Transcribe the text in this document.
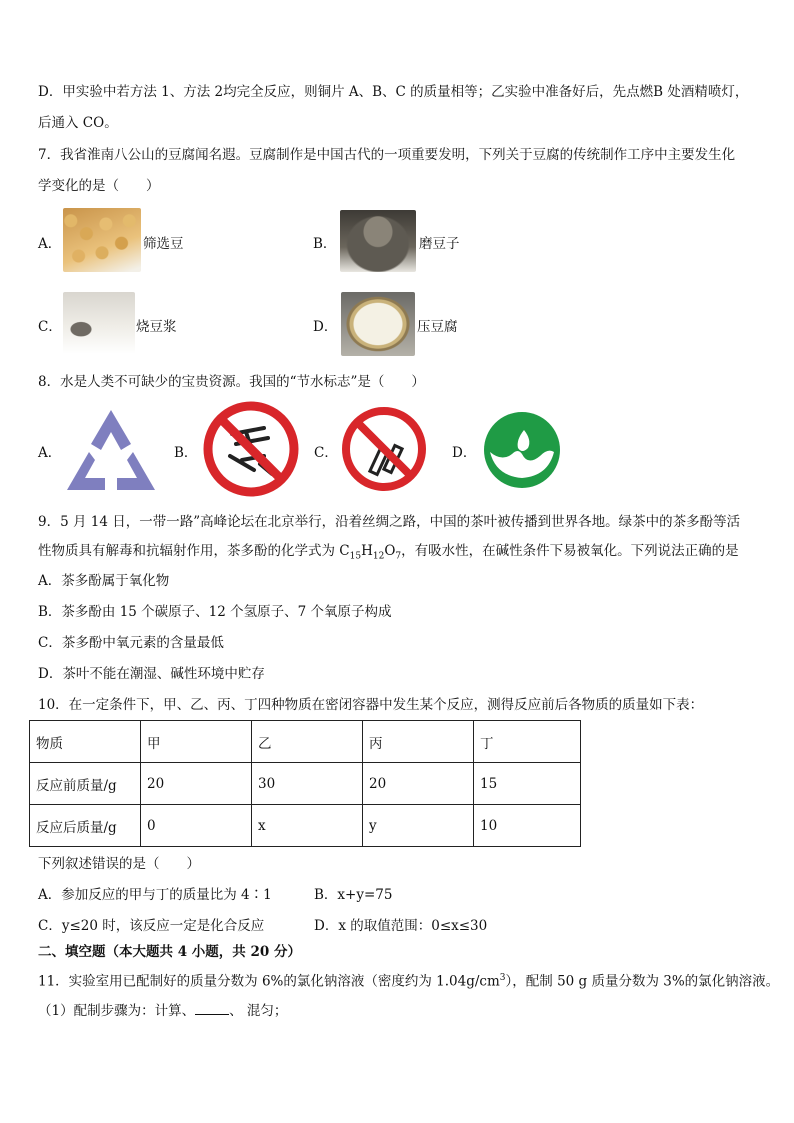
D．甲实验中若方法 1、方法 2均完全反应，则铜片 A、B、C 的质量相等；乙实验中准备好后，先点燃B 处酒精喷灯，
后通入 CO。
7．我省淮南八公山的豆腐闻名遐。豆腐制作是中国古代的一项重要发明，下列关于豆腐的传统制作工序中主要发生化
学变化的是（　　）
A．	筛选豆	B．	磨豆子
C．	烧豆浆	D．	压豆腐
8．水是人类不可缺少的宝贵资源。我国的“节水标志”是（　　）
A．	B．	C．	D．
9．5 月 14 日，一带一路”高峰论坛在北京举行，沿着丝绸之路，中国的茶叶被传播到世界各地。绿茶中的茶多酚等活
性物质具有解毒和抗辐射作用，茶多酚的化学式为 $C_{15}H_{12}O_7$，有吸水性，在碱性条件下易被氧化。下列说法正确的是
A．茶多酚属于氧化物
B．茶多酚由 15 个碳原子、12 个氢原子、7 个氧原子构成
C．茶多酚中氧元素的含量最低
D．茶叶不能在潮湿、碱性环境中贮存
10．在一定条件下，甲、乙、丙、丁四种物质在密闭容器中发生某个反应，测得反应前后各物质的质量如下表：
物质	甲	乙	丙	丁
反应前质量/g	20	30	20	15
反应后质量/g	0	x	y	10
下列叙述错误的是（　　）
A．参加反应的甲与丁的质量比为 4∶1	B．x+y=75
C．y≤20 时，该反应一定是化合反应	D．x 的取值范围：0≤x≤30
二、填空题（本大题共 4 小题，共 20 分）
11．实验室用已配制好的质量分数为 6%的氯化钠溶液（密度约为 $1.04g/cm^3$），配制 50 g 质量分数为 3%的氯化钠溶液。
（1）配制步骤为：计算、	、 混匀；
